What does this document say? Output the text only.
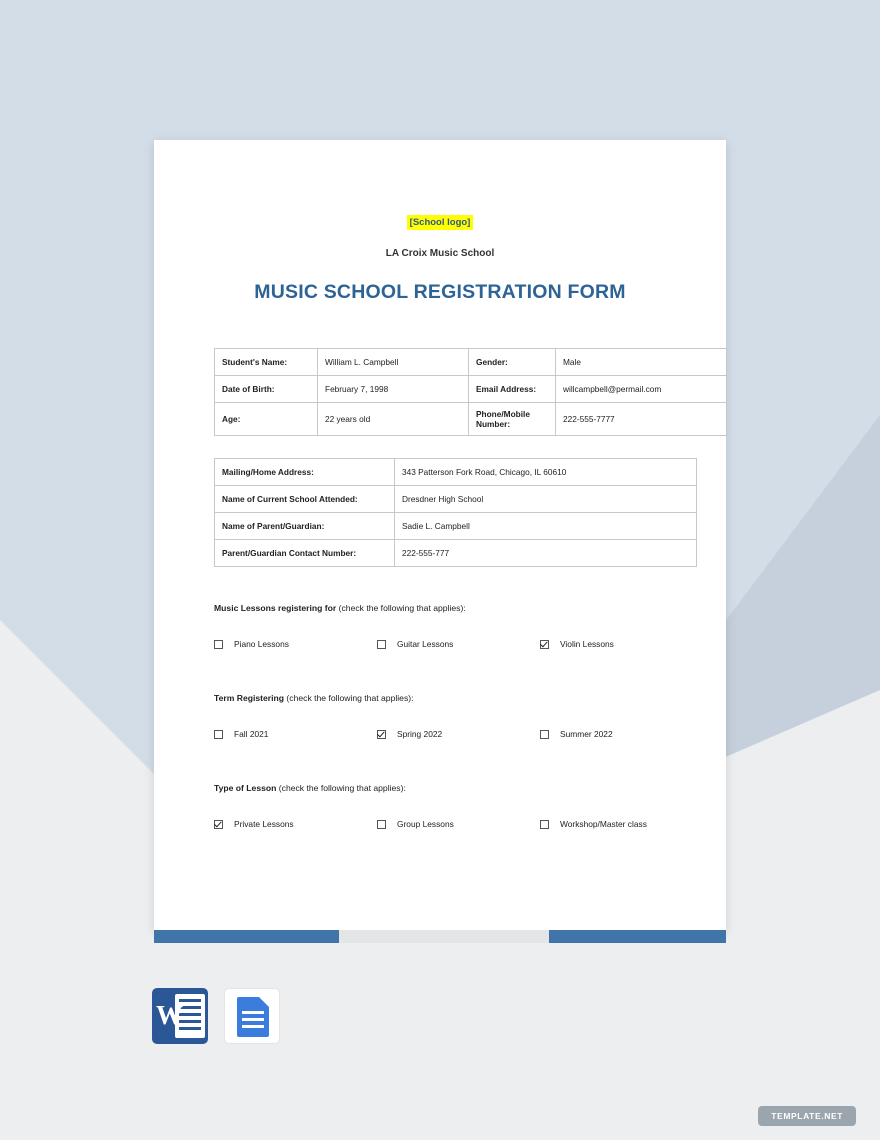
[School logo]
LA Croix Music School
MUSIC SCHOOL REGISTRATION FORM
Student's Name:	William L. Campbell	Gender:	Male
Date of Birth:	February 7, 1998	Email Address:	willcampbell@permail.com
Age:	22 years old	Phone/Mobile Number:	222-555-7777
Mailing/Home Address:	343 Patterson Fork Road, Chicago, IL 60610
Name of Current School Attended:	Dresdner High School
Name of Parent/Guardian:	Sadie L. Campbell
Parent/Guardian Contact Number:	222-555-777
Music Lessons registering for (check the following that applies):
Piano Lessons	Guitar Lessons	Violin Lessons
Term Registering (check the following that applies):
Fall 2021	Spring 2022	Summer 2022
Type of Lesson (check the following that applies):
Private Lessons	Group Lessons	Workshop/Master class
W
TEMPLATE.NET
